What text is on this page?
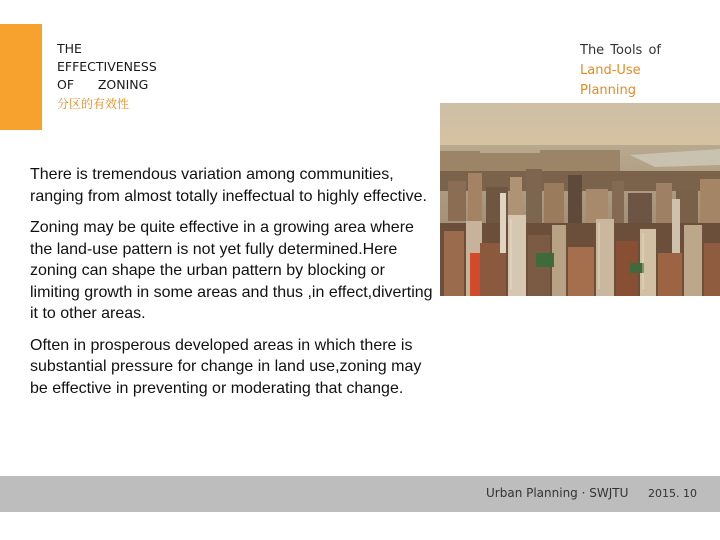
THE
EFFECTIVENESS
OF      ZONING
分区的有效性
The Tools of
Land-Use Planning

There is tremendous variation among communities, ranging from almost totally ineffectual to highly effective.

Zoning may be quite effective in a growing area where the land-use pattern is not yet fully determined.Here zoning can shape the urban pattern by blocking or limiting growth in some areas and thus ,in effect,diverting it to other areas.

Often in prosperous developed areas in which there is substantial pressure for change in land use,zoning may be effective in preventing or moderating that change.

Urban Planning · SWJTU 2015. 10
